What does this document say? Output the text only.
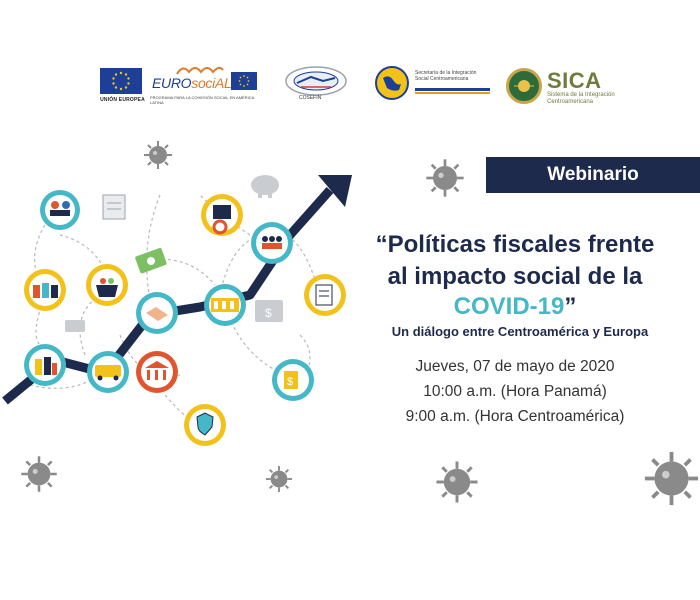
UNIÓN EUROPEA
EUROsociAL
PROGRAMA PARA LA COHESIÓN SOCIAL EN AMÉRICA LATINA
COSEFIN
Secretaría de la Integración Social Centroamericana	SICA
Sistema de la Integración Centroamericana
$
$
Webinario
“Políticas fiscales frente
al impacto social de la
COVID-19”
Un diálogo entre Centroamérica y Europa
Jueves, 07 de mayo de 2020
10:00 a.m. (Hora Panamá)
9:00 a.m. (Hora Centroamérica)
